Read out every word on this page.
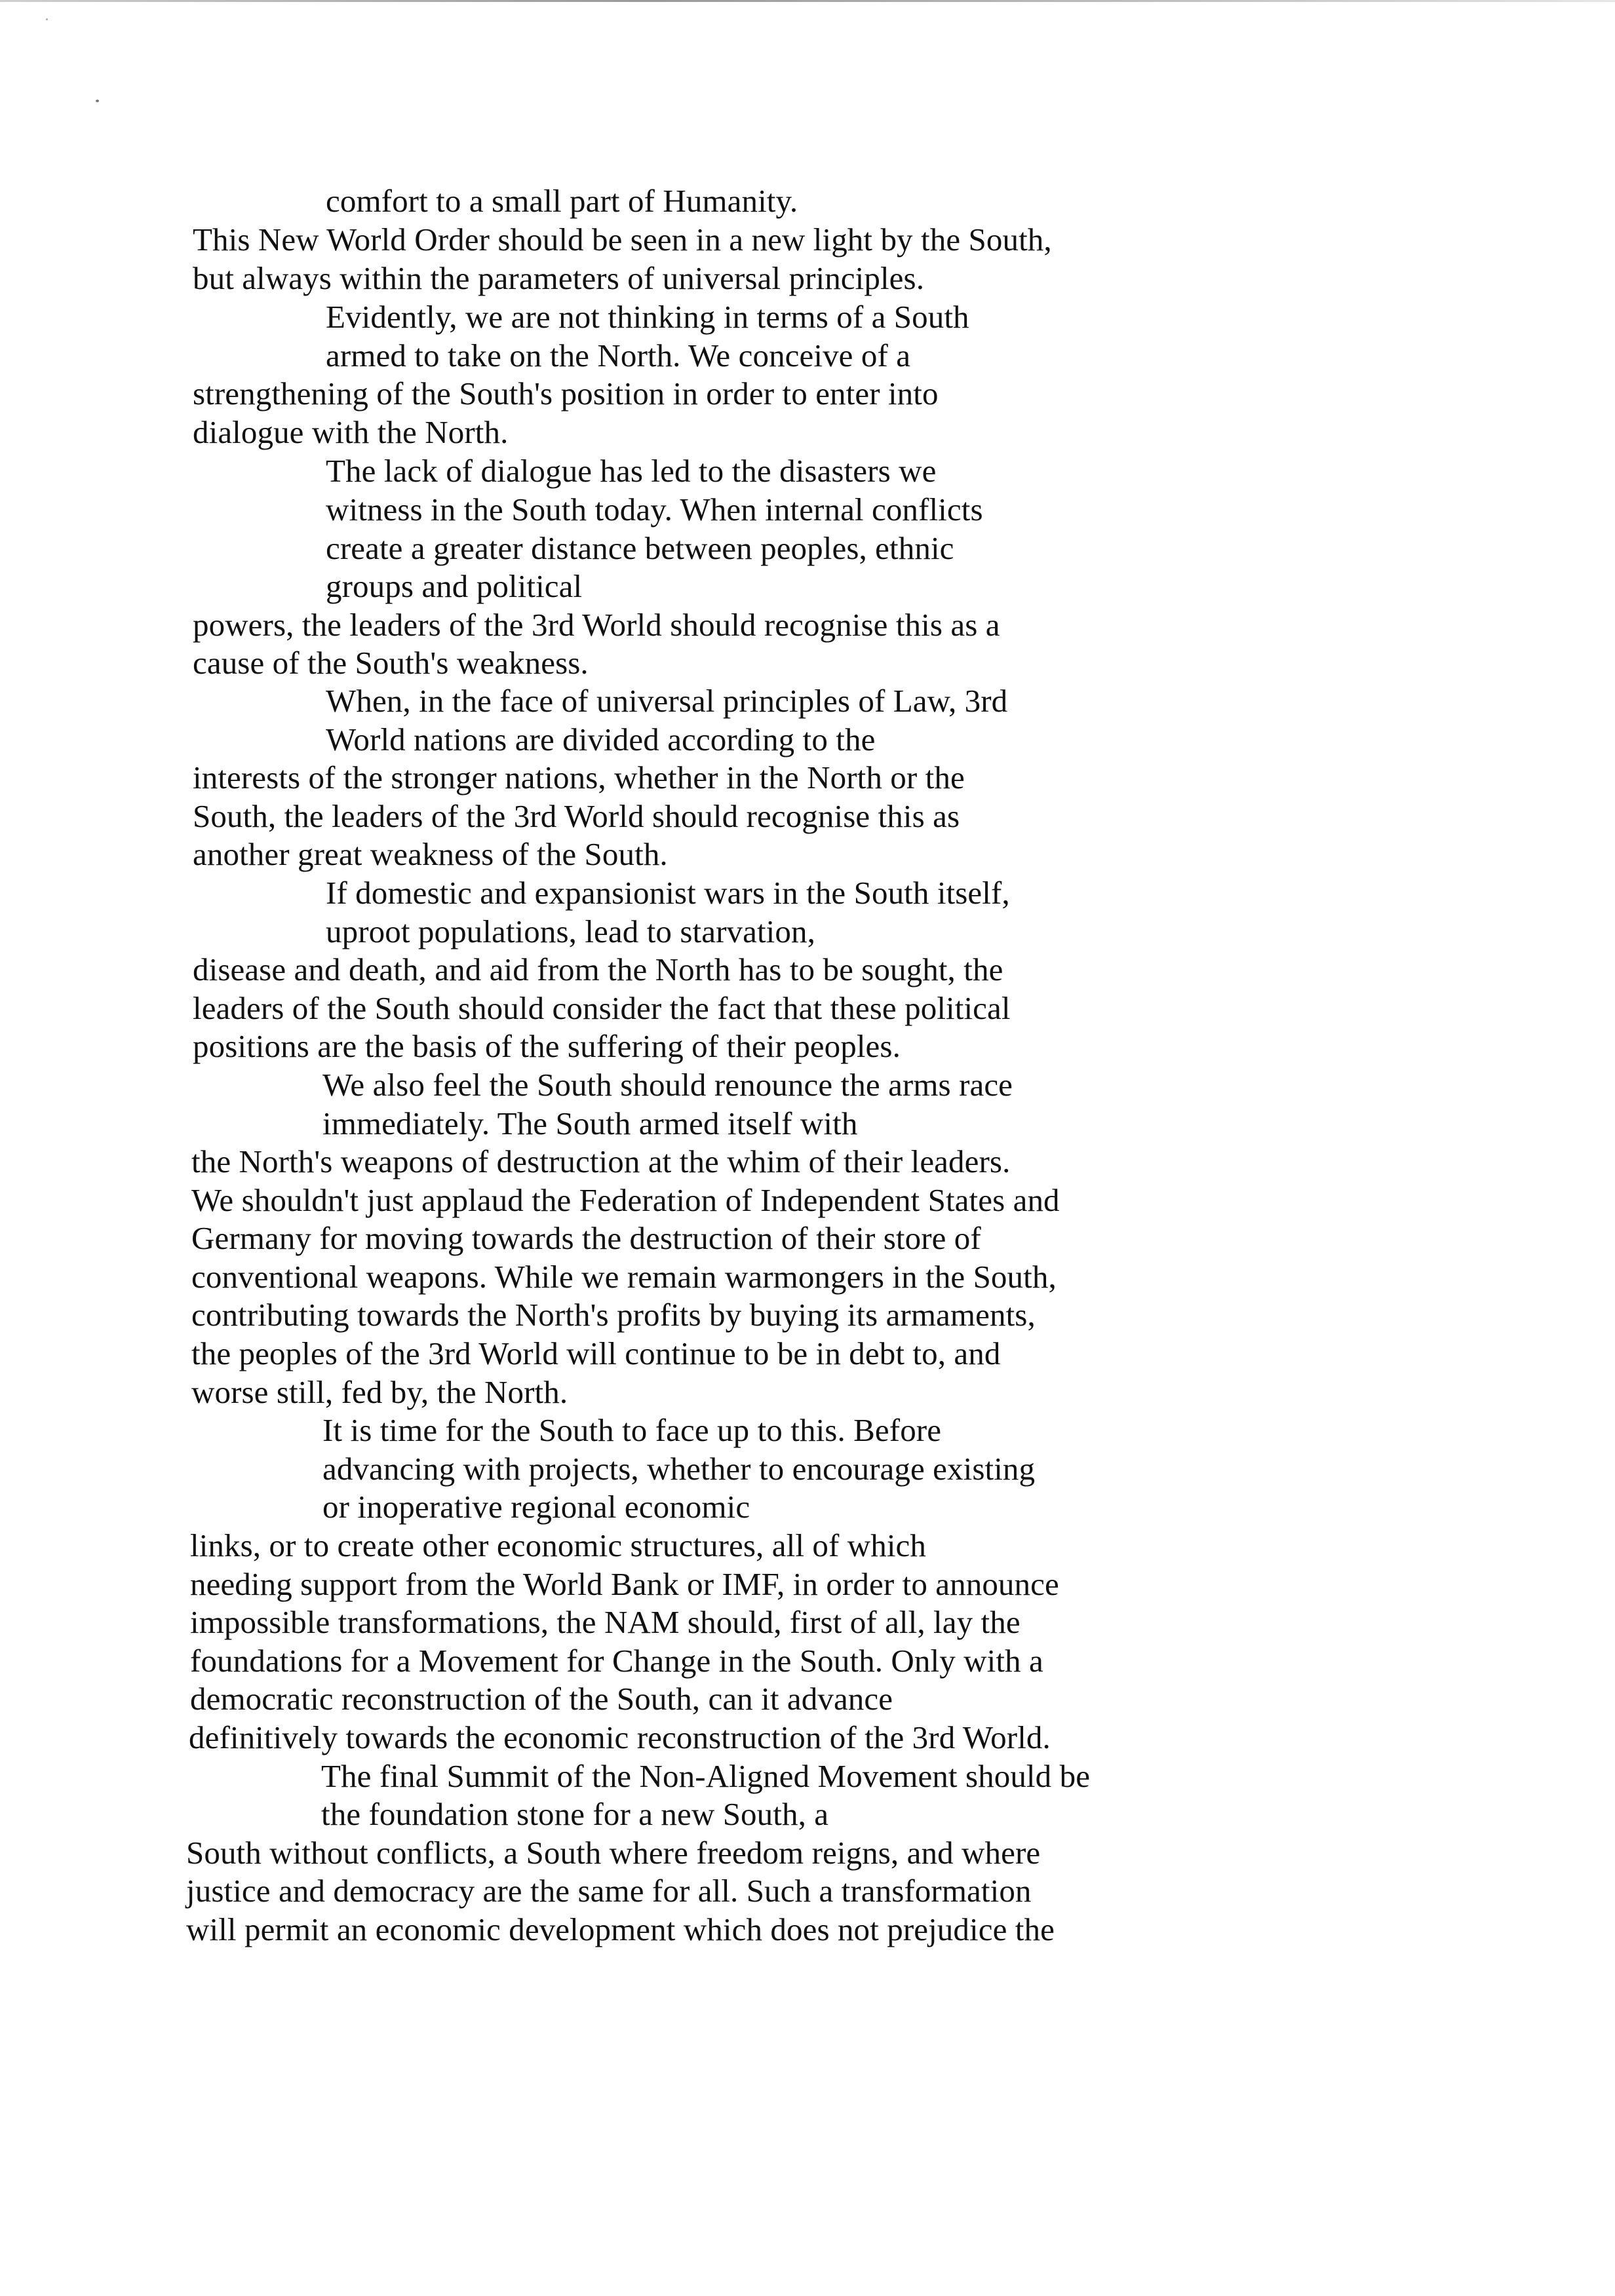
comfort to a small part of Humanity.
This New World Order should be seen in a new light by the South,
but always within the parameters of universal principles.
Evidently, we are not thinking in terms of a South
armed to take on the North. We conceive of a
strengthening of the South's position in order to enter into
dialogue with the North.
The lack of dialogue has led to the disasters we
witness in the South today. When internal conflicts
create a greater distance between peoples, ethnic
groups and political
powers, the leaders of the 3rd World should recognise this as a
cause of the South's weakness.
When, in the face of universal principles of Law, 3rd
World nations are divided according to the
interests of the stronger nations, whether in the North or the
South, the leaders of the 3rd World should recognise this as
another great weakness of the South.
If domestic and expansionist wars in the South itself,
uproot populations, lead to starvation,
disease and death, and aid from the North has to be sought, the
leaders of the South should consider the fact that these political
positions are the basis of the suffering of their peoples.
We also feel the South should renounce the arms race
immediately. The South armed itself with
the North's weapons of destruction at the whim of their leaders.
We shouldn't just applaud the Federation of Independent States and
Germany for moving towards the destruction of their store of
conventional weapons. While we remain warmongers in the South,
contributing towards the North's profits by buying its armaments,
the peoples of the 3rd World will continue to be in debt to, and
worse still, fed by, the North.
It is time for the South to face up to this. Before
advancing with projects, whether to encourage existing
or inoperative regional economic
links, or to create other economic structures, all of which
needing support from the World Bank or IMF, in order to announce
impossible transformations, the NAM should, first of all, lay the
foundations for a Movement for Change in the South. Only with a
democratic reconstruction of the South, can it advance
definitively towards the economic reconstruction of the 3rd World.
The final Summit of the Non-Aligned Movement should be
the foundation stone for a new South, a
South without conflicts, a South where freedom reigns, and where
justice and democracy are the same for all. Such a transformation
will permit an economic development which does not prejudice the
